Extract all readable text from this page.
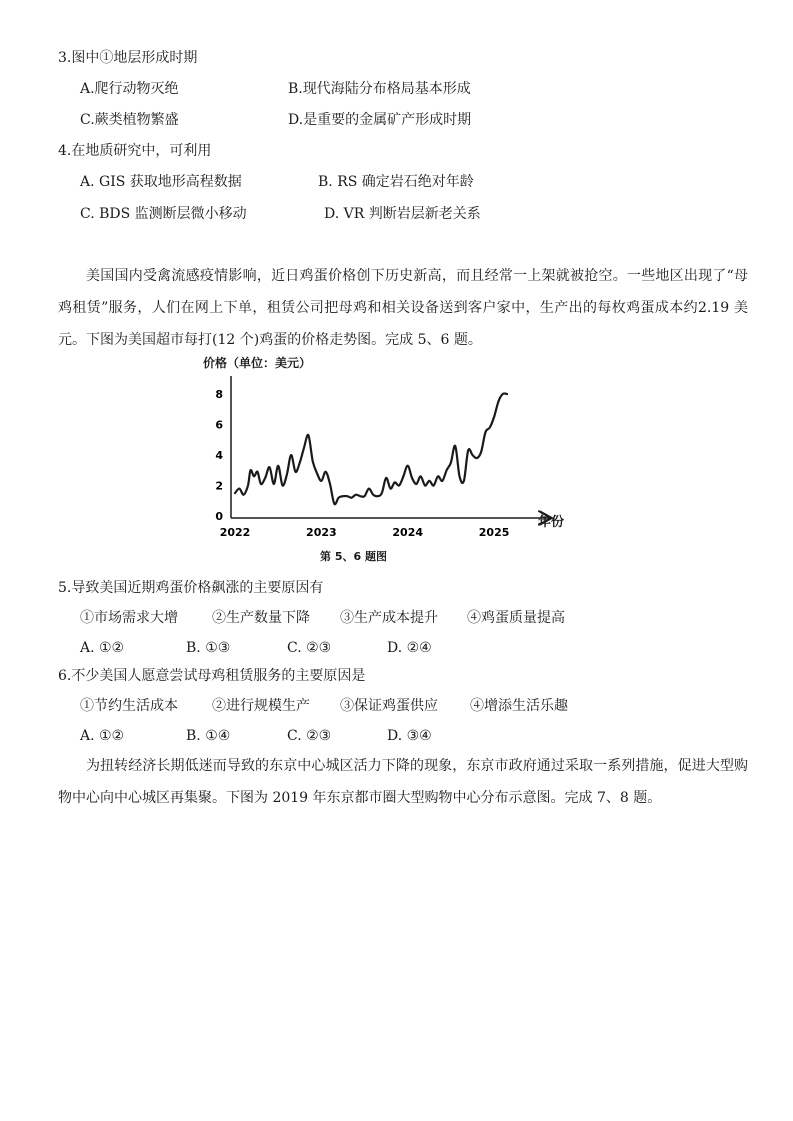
3.图中①地层形成时期
A.爬行动物灭绝	B.现代海陆分布格局基本形成
C.蕨类植物繁盛	D.是重要的金属矿产形成时期
4.在地质研究中，可利用
A. GIS 获取地形高程数据	B. RS 确定岩石绝对年龄
C. BDS 监测断层微小移动	D. VR 判断岩层新老关系
美国国内受禽流感疫情影响，近日鸡蛋价格创下历史新高，而且经常一上架就被抢空。一些地区出现了“母鸡租赁”服务，人们在网上下单，租赁公司把母鸡和相关设备送到客户家中，生产出的每枚鸡蛋成本约2.19 美元。下图为美国超市每打(12 个)鸡蛋的价格走势图。完成 5、6 题。
价格（单位：美元）
年份
0
2
4
6
8
2022	2023	2024	2025
第 5、6 题图
5.导致美国近期鸡蛋价格飙涨的主要原因有
①市场需求大增 ②生产数量下降 ③生产成本提升 ④鸡蛋质量提高
A. ①②	B. ①③	C. ②③	D. ②④
6.不少美国人愿意尝试母鸡租赁服务的主要原因是
①节约生活成本 ②进行规模生产 ③保证鸡蛋供应 ④增添生活乐趣
A. ①②	B. ①④	C. ②③	D. ③④
为扭转经济长期低迷而导致的东京中心城区活力下降的现象，东京市政府通过采取一系列措施，促进大型购物中心向中心城区再集聚。下图为 2019 年东京都市圈大型购物中心分布示意图。完成 7、8 题。
